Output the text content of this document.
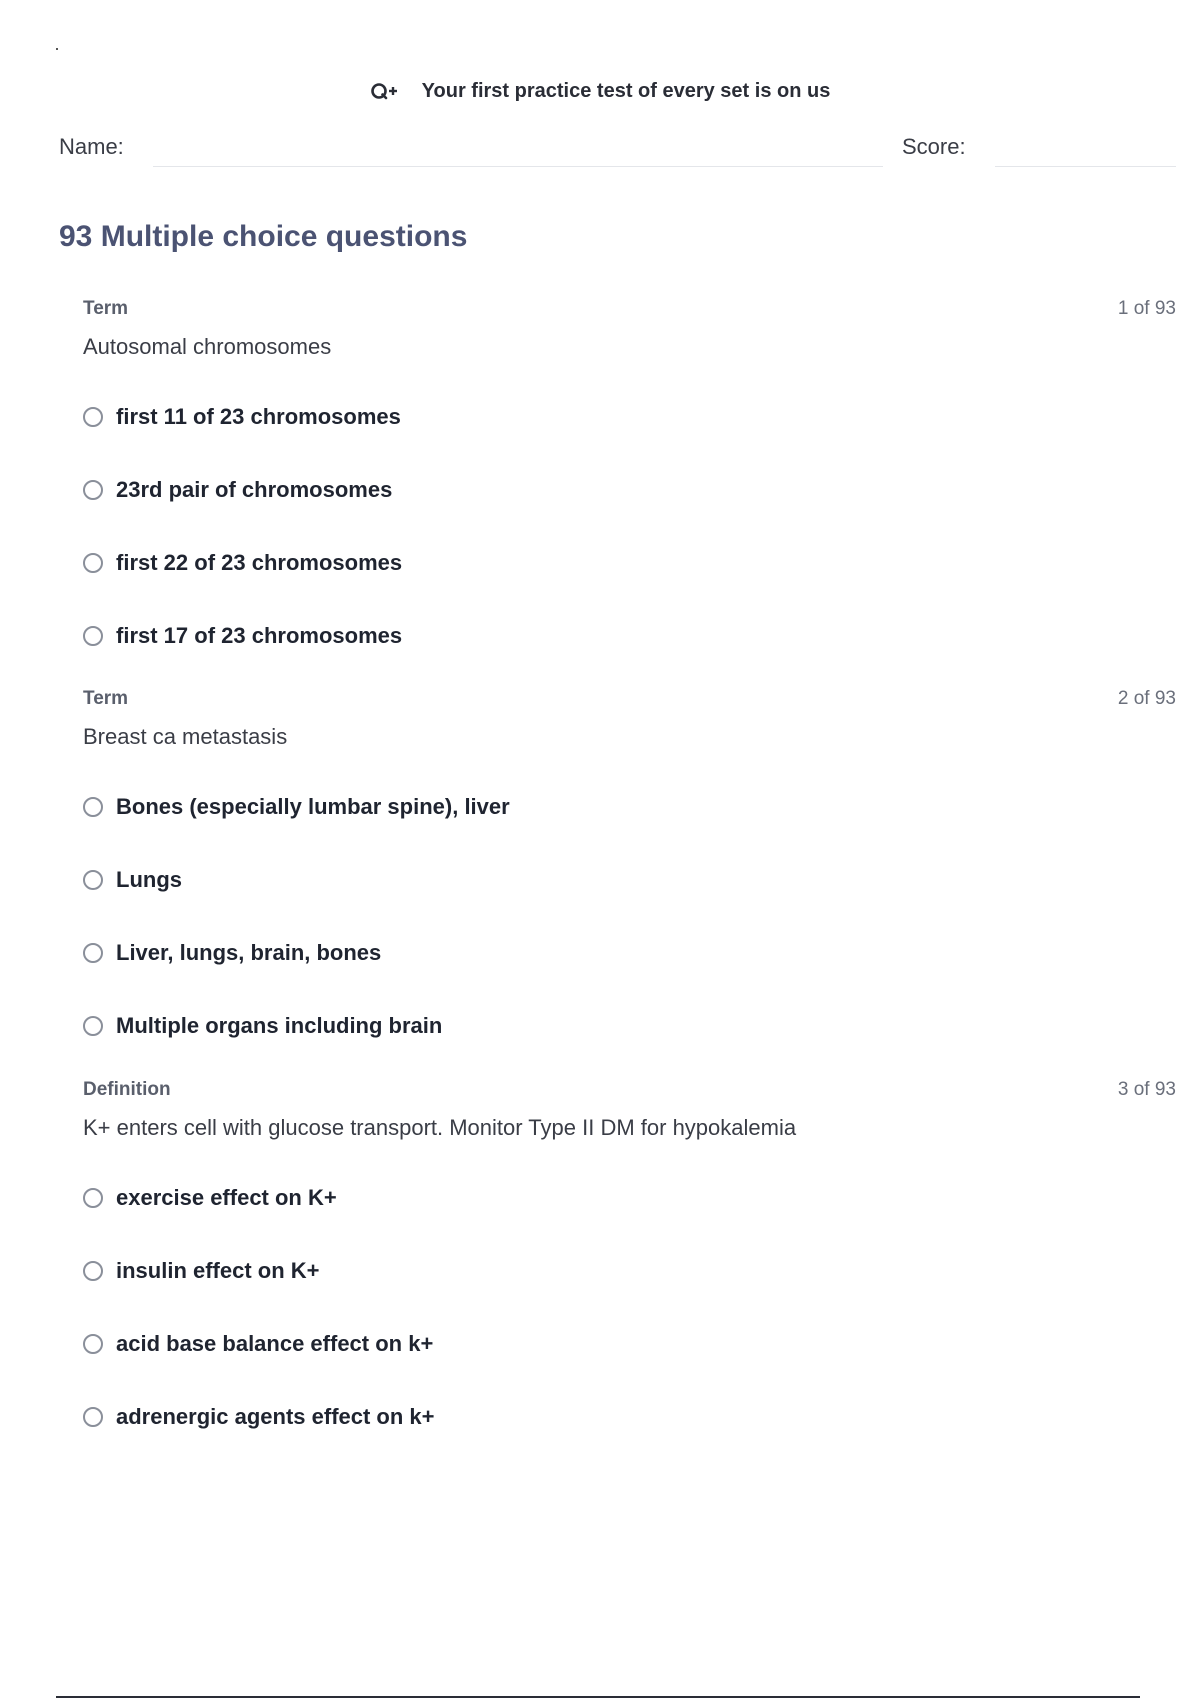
Your first practice test of every set is on us
Name:	Score:
93 Multiple choice questions
Term	1 of 93
Autosomal chromosomes
first 11 of 23 chromosomes
23rd pair of chromosomes
first 22 of 23 chromosomes
first 17 of 23 chromosomes
Term	2 of 93
Breast ca metastasis
Bones (especially lumbar spine), liver
Lungs
Liver, lungs, brain, bones
Multiple organs including brain
Definition	3 of 93
K+ enters cell with glucose transport. Monitor Type II DM for hypokalemia
exercise effect on K+
insulin effect on K+
acid base balance effect on k+
adrenergic agents effect on k+
